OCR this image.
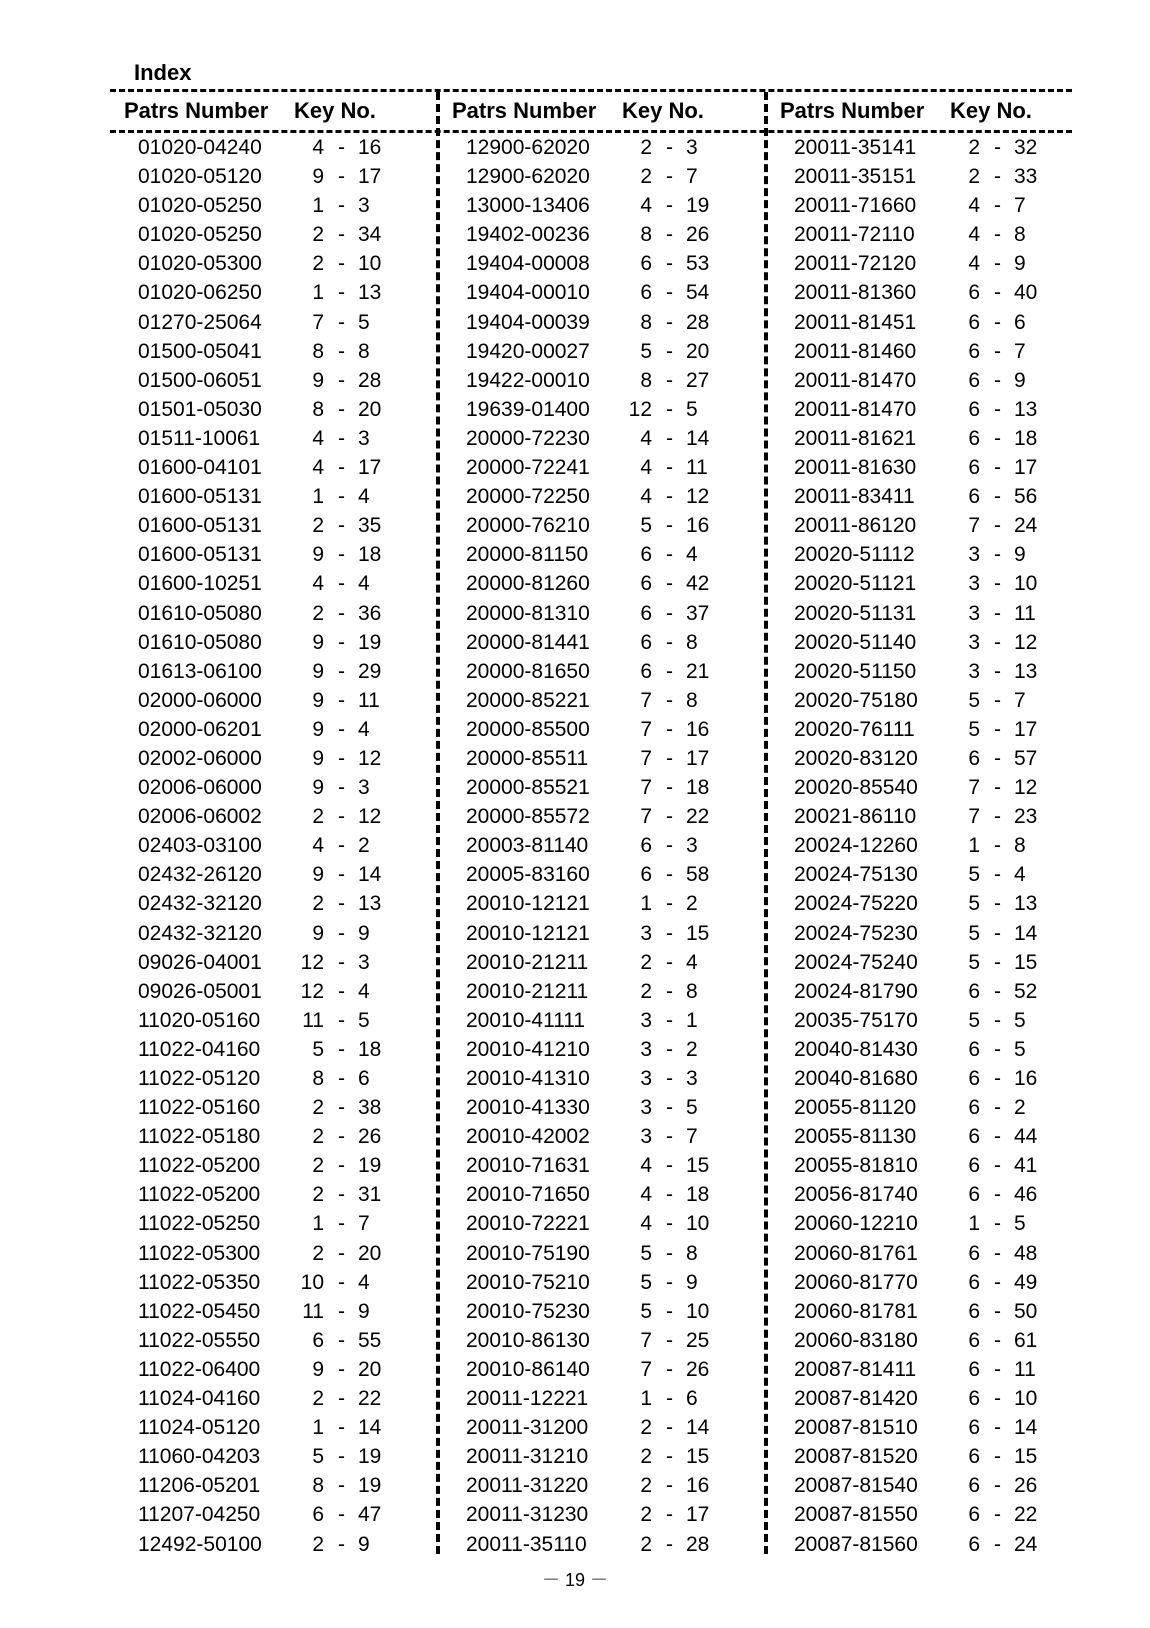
Index
Patrs Number Key No.
01020-04240	4 - 16
01020-05120	9 - 17
01020-05250	1 - 3
01020-05250	2 - 34
01020-05300	2 - 10
01020-06250	1 - 13
01270-25064	7 - 5
01500-05041	8 - 8
01500-06051	9 - 28
01501-05030	8 - 20
01511-10061	4 - 3
01600-04101	4 - 17
01600-05131	1 - 4
01600-05131	2 - 35
01600-05131	9 - 18
01600-10251	4 - 4
01610-05080	2 - 36
01610-05080	9 - 19
01613-06100	9 - 29
02000-06000	9 - 11
02000-06201	9 - 4
02002-06000	9 - 12
02006-06000	9 - 3
02006-06002	2 - 12
02403-03100	4 - 2
02432-26120	9 - 14
02432-32120	2 - 13
02432-32120	9 - 9
09026-04001	12 - 3
09026-05001	12 - 4
11020-05160	11 - 5
11022-04160	5 - 18
11022-05120	8 - 6
11022-05160	2 - 38
11022-05180	2 - 26
11022-05200	2 - 19
11022-05200	2 - 31
11022-05250	1 - 7
11022-05300	2 - 20
11022-05350	10 - 4
11022-05450	11 - 9
11022-05550	6 - 55
11022-06400	9 - 20
11024-04160	2 - 22
11024-05120	1 - 14
11060-04203	5 - 19
11206-05201	8 - 19
11207-04250	6 - 47
12492-50100	2 - 9
Patrs Number Key No.
12900-62020	2 - 3
12900-62020	2 - 7
13000-13406	4 - 19
19402-00236	8 - 26
19404-00008	6 - 53
19404-00010	6 - 54
19404-00039	8 - 28
19420-00027	5 - 20
19422-00010	8 - 27
19639-01400	12 - 5
20000-72230	4 - 14
20000-72241	4 - 11
20000-72250	4 - 12
20000-76210	5 - 16
20000-81150	6 - 4
20000-81260	6 - 42
20000-81310	6 - 37
20000-81441	6 - 8
20000-81650	6 - 21
20000-85221	7 - 8
20000-85500	7 - 16
20000-85511	7 - 17
20000-85521	7 - 18
20000-85572	7 - 22
20003-81140	6 - 3
20005-83160	6 - 58
20010-12121	1 - 2
20010-12121	3 - 15
20010-21211	2 - 4
20010-21211	2 - 8
20010-41111	3 - 1
20010-41210	3 - 2
20010-41310	3 - 3
20010-41330	3 - 5
20010-42002	3 - 7
20010-71631	4 - 15
20010-71650	4 - 18
20010-72221	4 - 10
20010-75190	5 - 8
20010-75210	5 - 9
20010-75230	5 - 10
20010-86130	7 - 25
20010-86140	7 - 26
20011-12221	1 - 6
20011-31200	2 - 14
20011-31210	2 - 15
20011-31220	2 - 16
20011-31230	2 - 17
20011-35110	2 - 28
Patrs Number Key No.
20011-35141	2 - 32
20011-35151	2 - 33
20011-71660	4 - 7
20011-72110	4 - 8
20011-72120	4 - 9
20011-81360	6 - 40
20011-81451	6 - 6
20011-81460	6 - 7
20011-81470	6 - 9
20011-81470	6 - 13
20011-81621	6 - 18
20011-81630	6 - 17
20011-83411	6 - 56
20011-86120	7 - 24
20020-51112	3 - 9
20020-51121	3 - 10
20020-51131	3 - 11
20020-51140	3 - 12
20020-51150	3 - 13
20020-75180	5 - 7
20020-76111	5 - 17
20020-83120	6 - 57
20020-85540	7 - 12
20021-86110	7 - 23
20024-12260	1 - 8
20024-75130	5 - 4
20024-75220	5 - 13
20024-75230	5 - 14
20024-75240	5 - 15
20024-81790	6 - 52
20035-75170	5 - 5
20040-81430	6 - 5
20040-81680	6 - 16
20055-81120	6 - 2
20055-81130	6 - 44
20055-81810	6 - 41
20056-81740	6 - 46
20060-12210	1 - 5
20060-81761	6 - 48
20060-81770	6 - 49
20060-81781	6 - 50
20060-83180	6 - 61
20087-81411	6 - 11
20087-81420	6 - 10
20087-81510	6 - 14
20087-81520	6 - 15
20087-81540	6 - 26
20087-81550	6 - 22
20087-81560	6 - 24
－ 19 －
